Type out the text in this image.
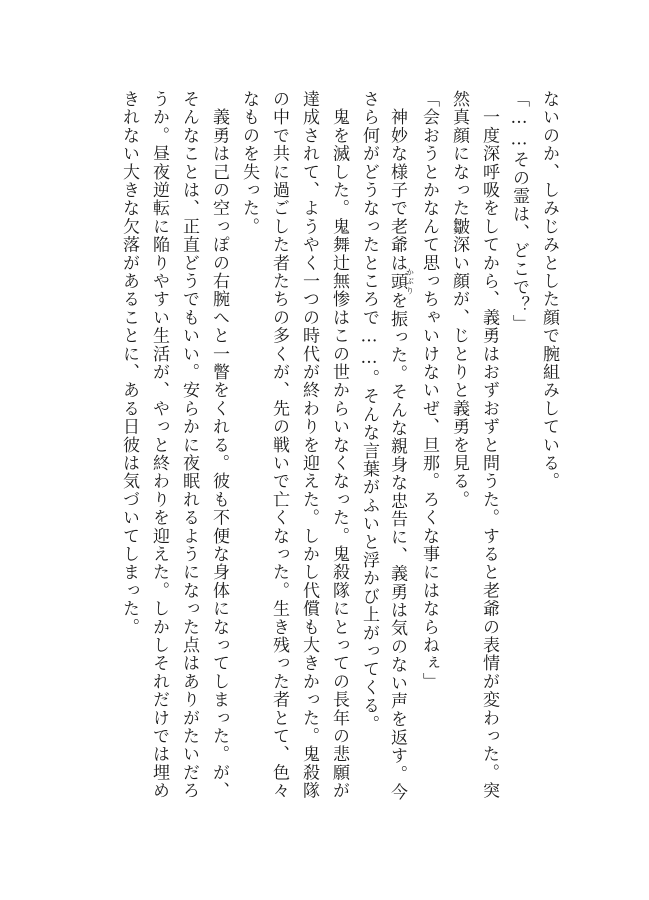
ないのか、しみじみとした顔で腕組みしている。
「……その霊は、どこで？」
　一度深呼吸をしてから、義勇はおずおずと問うた。すると老爺の表情が変わった。突
然真顔になった皺深い顔が、じとりと義勇を見る。
「会おうとかなんて思っちゃいけないぜ、旦那。ろくな事にはならねぇ」
　神妙な様子で老爺は頭かぶりを振った。そんな親身な忠告に、義勇は気のない声を返す。今
さら何がどうなったところで……。そんな言葉がふいと浮かび上がってくる。
　鬼を滅した。鬼舞辻無惨はこの世からいなくなった。鬼殺隊にとっての長年の悲願が
達成されて、ようやく一つの時代が終わりを迎えた。しかし代償も大きかった。鬼殺隊
の中で共に過ごした者たちの多くが、先の戦いで亡くなった。生き残った者とて、色々
なものを失った。
　義勇は己の空っぽの右腕へと一瞥をくれる。彼も不便な身体になってしまった。が、
そんなことは、正直どうでもいい。安らかに夜眠れるようになった点はありがたいだろ
うか。昼夜逆転に陥りやすい生活が、やっと終わりを迎えた。しかしそれだけでは埋め
きれない大きな欠落があることに、ある日彼は気づいてしまった。
